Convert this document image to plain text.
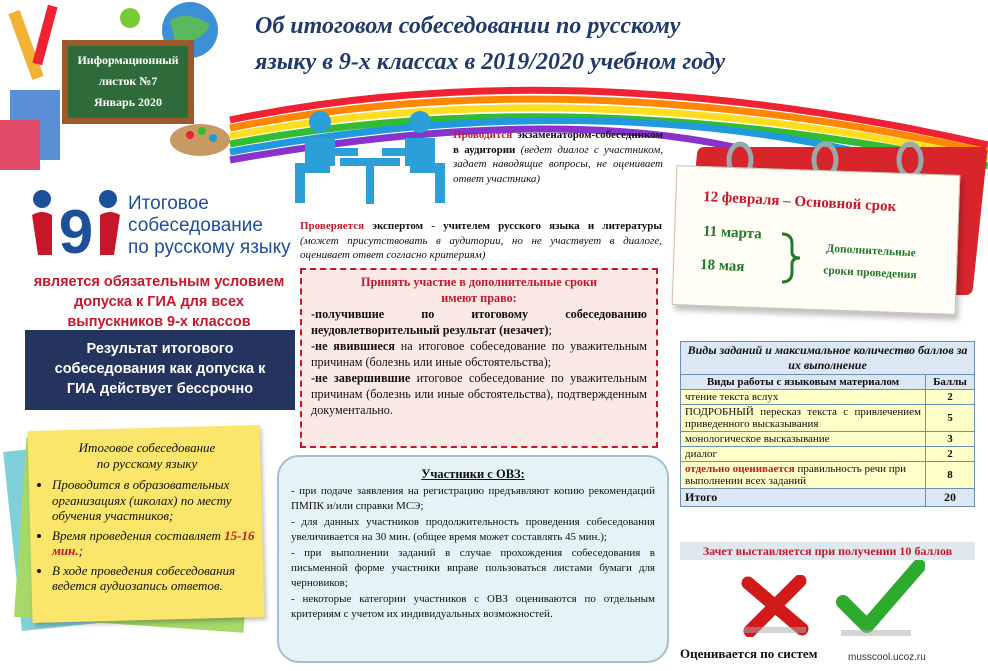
Об итоговом собеседовании по русскому
языку в 9-х классах в 2019/2020 учебном году
Информационный
листок №7
Январь 2020
9 Итоговое
собеседование
по русскому языку
является обязательным условием
допуска к ГИА для всех
выпускников 9-х классов
Результат итогового
собеседования как допуска к
ГИА действует бессрочно
Итоговое собеседование
по русскому языку
• Проводится в образовательных организациях (школах) по месту обучения участников;
• Время проведения составляет 15-16 мин.;
• В ходе проведения собеседования ведется аудиозапись ответов.
Проводится экзаменатором-собеседником в аудитории (ведет диалог с участником, задает наводящие вопросы, не оценивает ответ участника)
Проверяется экспертом - учителем русского языка и литературы (может присутствовать в аудитории, но не участвует в диалоге, оценивает ответ согласно критериям)
Принять участие в дополнительные сроки
имеют право:
-получившие по итоговому собеседованию неудовлетворительный результат (незачет);
-не явившиеся на итоговое собеседование по уважительным причинам (болезнь или иные обстоятельства);
-не завершившие итоговое собеседование по уважительным причинам (болезнь или иные обстоятельства), подтвержденным документально.
Участники с ОВЗ:

- при подаче заявления на регистрацию предъявляют копию рекомендаций ПМПК и/или справки МСЭ;

- для данных участников продолжительность проведения собеседования увеличивается на 30 мин. (общее время может составлять 45 мин.);

- при выполнении заданий в случае прохождения собеседования в письменной форме участники вправе пользоваться листами бумаги для черновиков;

- некоторые категории участников с ОВЗ оцениваются по отдельным критериям с учетом их индивидуальных возможностей.

12 февраля – Основной срок
11 марта
18 мая
Дополнительные
сроки проведения
Виды заданий и максимальное количество баллов за их выполнение	
Виды работы с языковым материалом	Баллы
чтение текста вслух	2
ПОДРОБНЫЙ пересказ текста с привлечением приведенного высказывания	5
монологическое высказывание	3
диалог	2
отдельно оценивается правильность речи при выполнении всех заданий	8
Итого	20
Зачет выставляется при получении 10 баллов
Оценивается по систем	musscool.ucoz.ru
